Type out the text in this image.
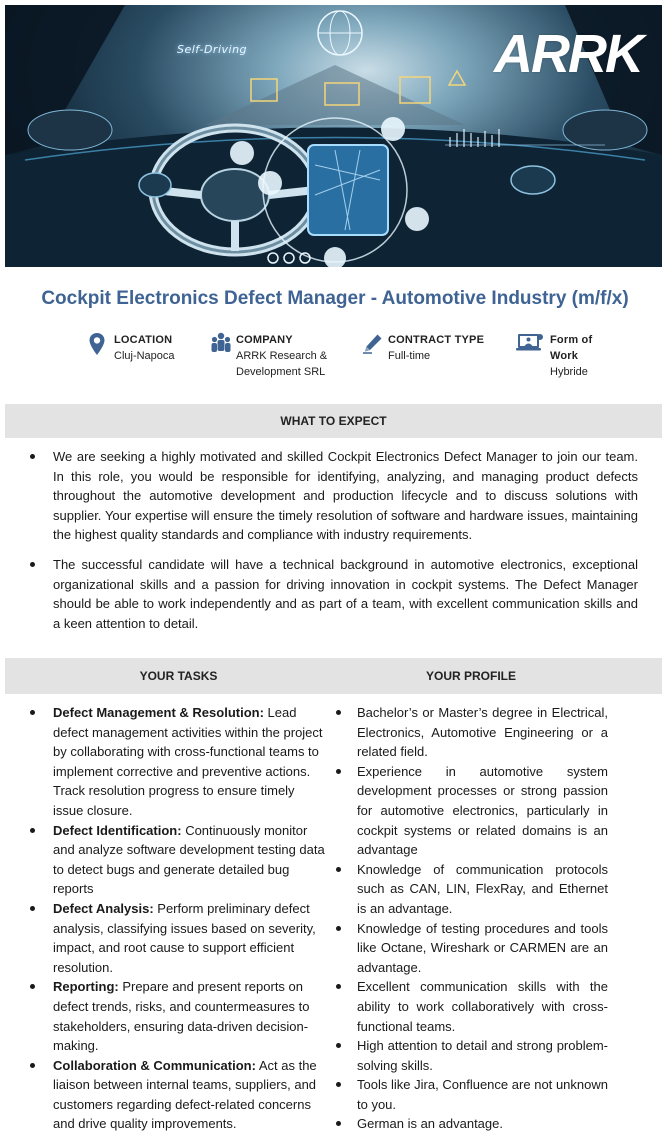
Self-Driving	ARRK
Cockpit Electronics Defect Manager - Automotive Industry (m/f/x)
LOCATION
Cluj-Napoca
COMPANY
ARRK Research & Development SRL
CONTRACT TYPE
Full-time
Form of Work
Hybride
WHAT TO EXPECT
We are seeking a highly motivated and skilled Cockpit Electronics Defect Manager to join our team. In this role, you would be responsible for identifying, analyzing, and managing product defects throughout the automotive development and production lifecycle and to discuss solutions with supplier. Your expertise will ensure the timely resolution of software and hardware issues, maintaining the highest quality standards and compliance with industry requirements.
The successful candidate will have a technical background in automotive electronics, exceptional organizational skills and a passion for driving innovation in cockpit systems. The Defect Manager should be able to work independently and as part of a team, with excellent communication skills and a keen attention to detail.
YOUR TASKS	YOUR PROFILE
Defect Management & Resolution: Lead defect management activities within the project by collaborating with cross-functional teams to implement corrective and preventive actions. Track resolution progress to ensure timely issue closure.
Defect Identification: Continuously monitor and analyze software development testing data to detect bugs and generate detailed bug reports
Defect Analysis: Perform preliminary defect analysis, classifying issues based on severity, impact, and root cause to support efficient resolution.
Reporting: Prepare and present reports on defect trends, risks, and countermeasures to stakeholders, ensuring data-driven decision-making.
Collaboration & Communication: Act as the liaison between internal teams, suppliers, and customers regarding defect-related concerns and drive quality improvements.
Bachelor’s or Master’s degree in Electrical, Electronics, Automotive Engineering or a related field.
Experience in automotive system development processes or strong passion for automotive electronics, particularly in cockpit systems or related domains is an advantage
Knowledge of communication protocols such as CAN, LIN, FlexRay, and Ethernet is an advantage.
Knowledge of testing procedures and tools like Octane, Wireshark or CARMEN are an advantage.
Excellent communication skills with the ability to work collaboratively with cross-functional teams.
High attention to detail and strong problem-solving skills.
Tools like Jira, Confluence are not unknown to you.
German is an advantage.
